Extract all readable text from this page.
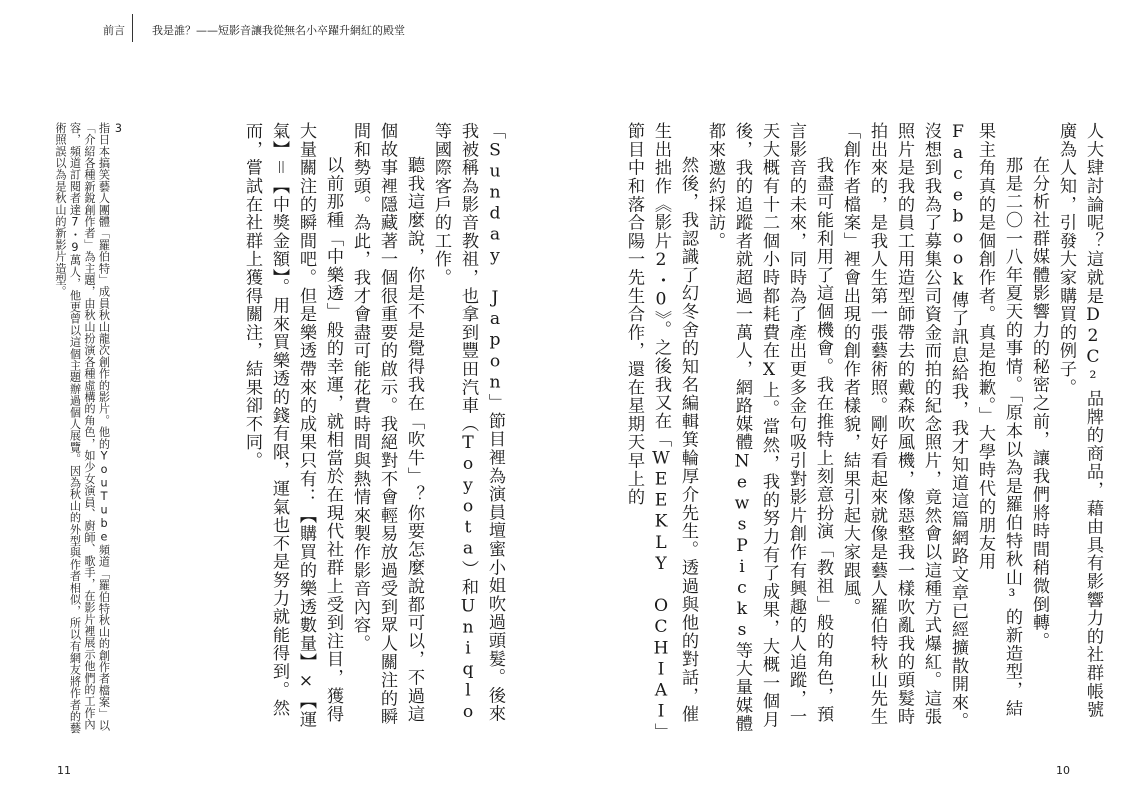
前言 我是誰？——短影音讓我從無名小卒躍升網紅的殿堂

人大肆討論呢？這就是D2C²品牌的商品，藉由具有影響力的社群帳號廣為人知，引發大家購買的例子。

在分析社群媒體影響力的秘密之前，讓我們將時間稍微倒轉。

那是二〇一八年夏天的事情。「原本以為是羅伯特秋山³的新造型，結果主角真的是個創作者。真是抱歉。」大學時代的朋友用Facebook傳了訊息給我，我才知道這篇網路文章已經擴散開來。沒想到我為了募集公司資金而拍的紀念照片，竟然會以這種方式爆紅。這張照片是我的員工用造型師帶去的戴森吹風機，像惡整我一樣吹亂我的頭髮時拍出來的，是我人生第一張藝術照。剛好看起來就像是藝人羅伯特秋山先生「創作者檔案」裡會出現的創作者樣貌，結果引起大家跟風。

我盡可能利用了這個機會。我在推特上刻意扮演「教祖」般的角色，預言影音的未來，同時為了產出更多金句吸引對影片創作有興趣的人追蹤，一天大概有十二個小時都耗費在X上。當然，我的努力有了成果，大概一個月後，我的追蹤者就超過一萬人，網路媒體NewsPicks等大量媒體都來邀約採訪。

然後，我認識了幻冬舍的知名編輯箕輪厚介先生。透過與他的對話，催生出拙作《影片2・0》。之後我又在「WEEKLY OCHIAI」節目中和落合陽一先生合作，還在星期天早上的

「Sunday Japon」節目裡為演員壇蜜小姐吹過頭髮。後來我被稱為影音教祖，也拿到豐田汽車（Toyota）和Uniqlo等國際客戶的工作。

聽我這麼說，你是不是覺得我在「吹牛」？你要怎麼說都可以，不過這個故事裡隱藏著一個很重要的啟示。我絕對不會輕易放過受到眾人關注的瞬間和勢頭。為此，我才會盡可能花費時間與熱情來製作影音內容。

以前那種「中樂透」般的幸運，就相當於在現代社群上受到注目，獲得大量關注的瞬間吧。但是樂透帶來的成果只有：【購買的樂透數量】×【運氣】＝【中獎金額】。用來買樂透的錢有限，運氣也不是努力就能得到。然而，嘗試在社群上獲得關注，結果卻不同。

3

指日本搞笑藝人團體「羅伯特」成員秋山龍次創作的影片。他的YouTube頻道「羅伯特秋山的創作者檔案」以「介紹各種新銳創作者」為主題，由秋山扮演各種虛構的角色，如少女演員、廚師、歌手，在影片裡展示他們的工作內容，頻道訂閱者達7・9萬人，他更曾以這個主題辦過個人展覽。因為秋山的外型與作者相似，所以有網友將作者的藝術照誤以為是秋山的新影片造型。

11	10
